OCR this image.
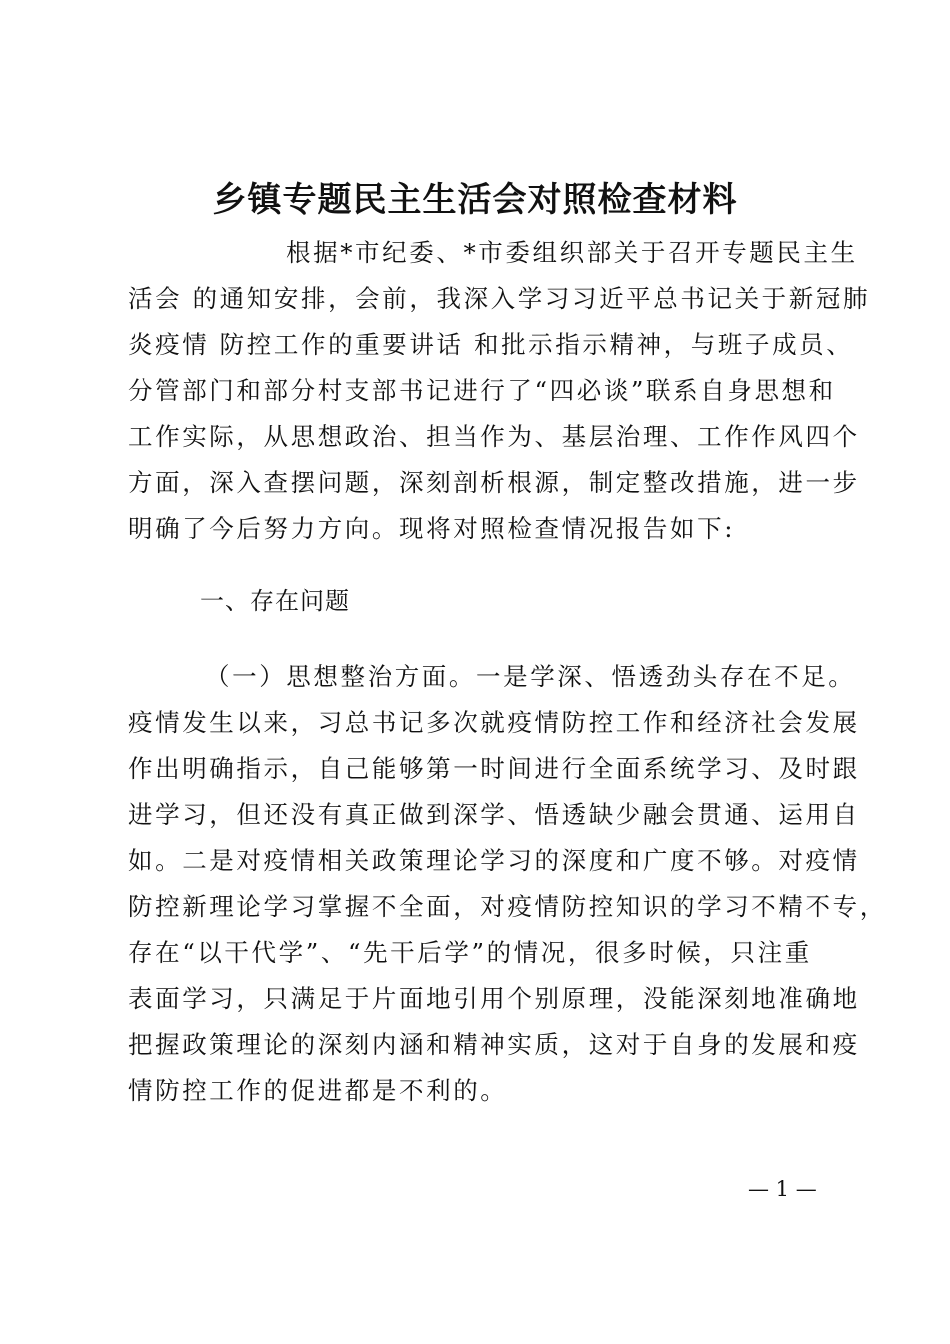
乡镇专题民主生活会对照检查材料
根据*市纪委、*市委组织部关于召开专题民主生
活会 的通知安排，会前，我深入学习习近平总书记关于新冠肺
炎疫情 防控工作的重要讲话 和批示指示精神，与班子成员、
分管部门和部分村支部书记进行了“四必谈”联系自身思想和
工作实际，从思想政治、担当作为、基层治理、工作作风四个
方面，深入查摆问题，深刻剖析根源，制定整改措施，进一步
明确了今后努力方向。现将对照检查情况报告如下:
一、存在问题
（一）思想整治方面。一是学深、悟透劲头存在不足。
疫情发生以来，习总书记多次就疫情防控工作和经济社会发展
作出明确指示，自己能够第一时间进行全面系统学习、及时跟
进学习，但还没有真正做到深学、悟透缺少融会贯通、运用自
如。二是对疫情相关政策理论学习的深度和广度不够。对疫情
防控新理论学习掌握不全面，对疫情防控知识的学习不精不专，
存在“以干代学”、“先干后学”的情况，很多时候，只注重
表面学习，只满足于片面地引用个别原理，没能深刻地准确地
把握政策理论的深刻内涵和精神实质，这对于自身的发展和疫
情防控工作的促进都是不利的。
— 1 —
